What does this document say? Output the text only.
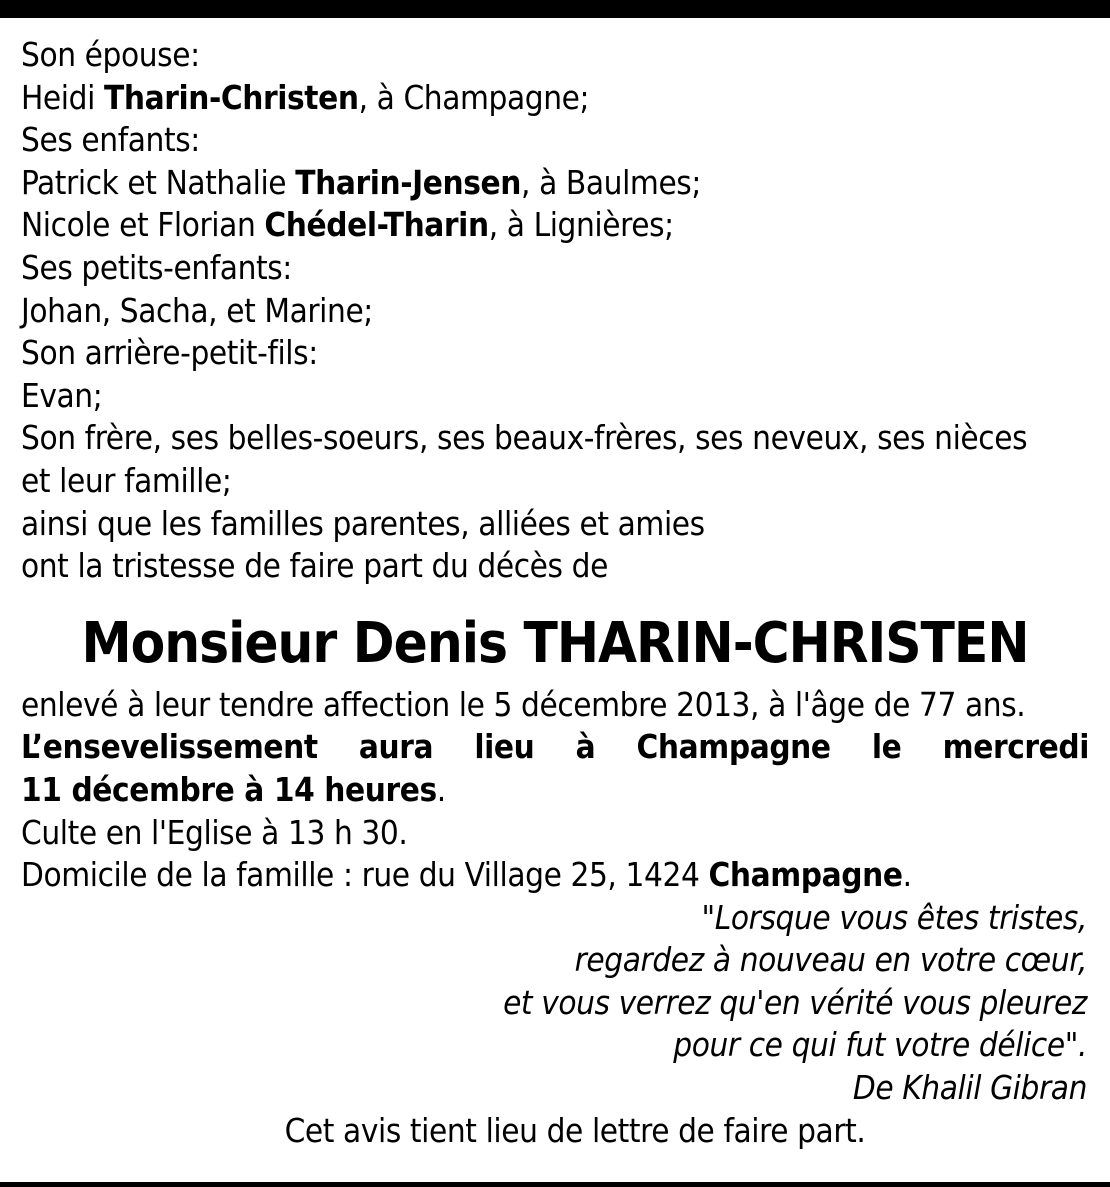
Son épouse:
Heidi Tharin-Christen, à Champagne;
Ses enfants:
Patrick et Nathalie Tharin-Jensen, à Baulmes;
Nicole et Florian Chédel-Tharin, à Lignières;
Ses petits-enfants:
Johan, Sacha, et Marine;
Son arrière-petit-fils:
Evan;
Son frère, ses belles-soeurs, ses beaux-frères, ses neveux, ses nièces
et leur famille;
ainsi que les familles parentes, alliées et amies
ont la tristesse de faire part du décès de
Monsieur Denis THARIN-CHRISTEN
enlevé à leur tendre affection le 5 décembre 2013, à l'âge de 77 ans.
L’ensevelissement aura lieu à Champagne le mercredi
11 décembre à 14 heures.
Culte en l'Eglise à 13 h 30.
Domicile de la famille : rue du Village 25, 1424 Champagne.
"Lorsque vous êtes tristes,
regardez à nouveau en votre cœur,
et vous verrez qu'en vérité vous pleurez
pour ce qui fut votre délice".
De Khalil Gibran
Cet avis tient lieu de lettre de faire part.
